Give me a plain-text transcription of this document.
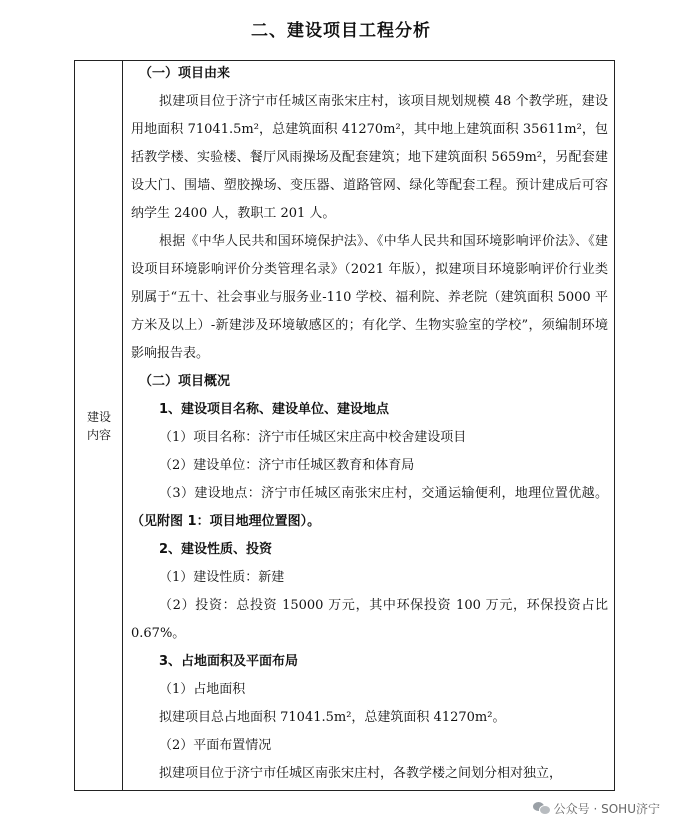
二、建设项目工程分析
建设
内容

（一）项目由来

拟建项目位于济宁市任城区南张宋庄村，该项目规划规模 48 个教学班，建设用地面积 71041.5m²，总建筑面积 41270m²，其中地上建筑面积 35611m²，包括教学楼、实验楼、餐厅风雨操场及配套建筑；地下建筑面积 5659m²，另配套建设大门、围墙、塑胶操场、变压器、道路管网、绿化等配套工程。预计建成后可容纳学生 2400 人，教职工 201 人。

根据《中华人民共和国环境保护法》、《中华人民共和国环境影响评价法》、《建设项目环境影响评价分类管理名录》（2021 年版），拟建项目环境影响评价行业类别属于“五十、社会事业与服务业-110 学校、福利院、养老院（建筑面积 5000 平方米及以上）-新建涉及环境敏感区的；有化学、生物实验室的学校”，须编制环境影响报告表。

（二）项目概况

1、建设项目名称、建设单位、建设地点

（1）项目名称：济宁市任城区宋庄高中校舍建设项目

（2）建设单位：济宁市任城区教育和体育局

（3）建设地点：济宁市任城区南张宋庄村，交通运输便利，地理位置优越。（见附图 1：项目地理位置图）。

2、建设性质、投资

（1）建设性质：新建

（2）投资：总投资 15000 万元，其中环保投资 100 万元，环保投资占比 0.67%。

3、占地面积及平面布局

（1）占地面积

拟建项目总占地面积 71041.5m²，总建筑面积 41270m²。

（2）平面布置情况

拟建项目位于济宁市任城区南张宋庄村，各教学楼之间划分相对独立，

公众号 · SOHU济宁
